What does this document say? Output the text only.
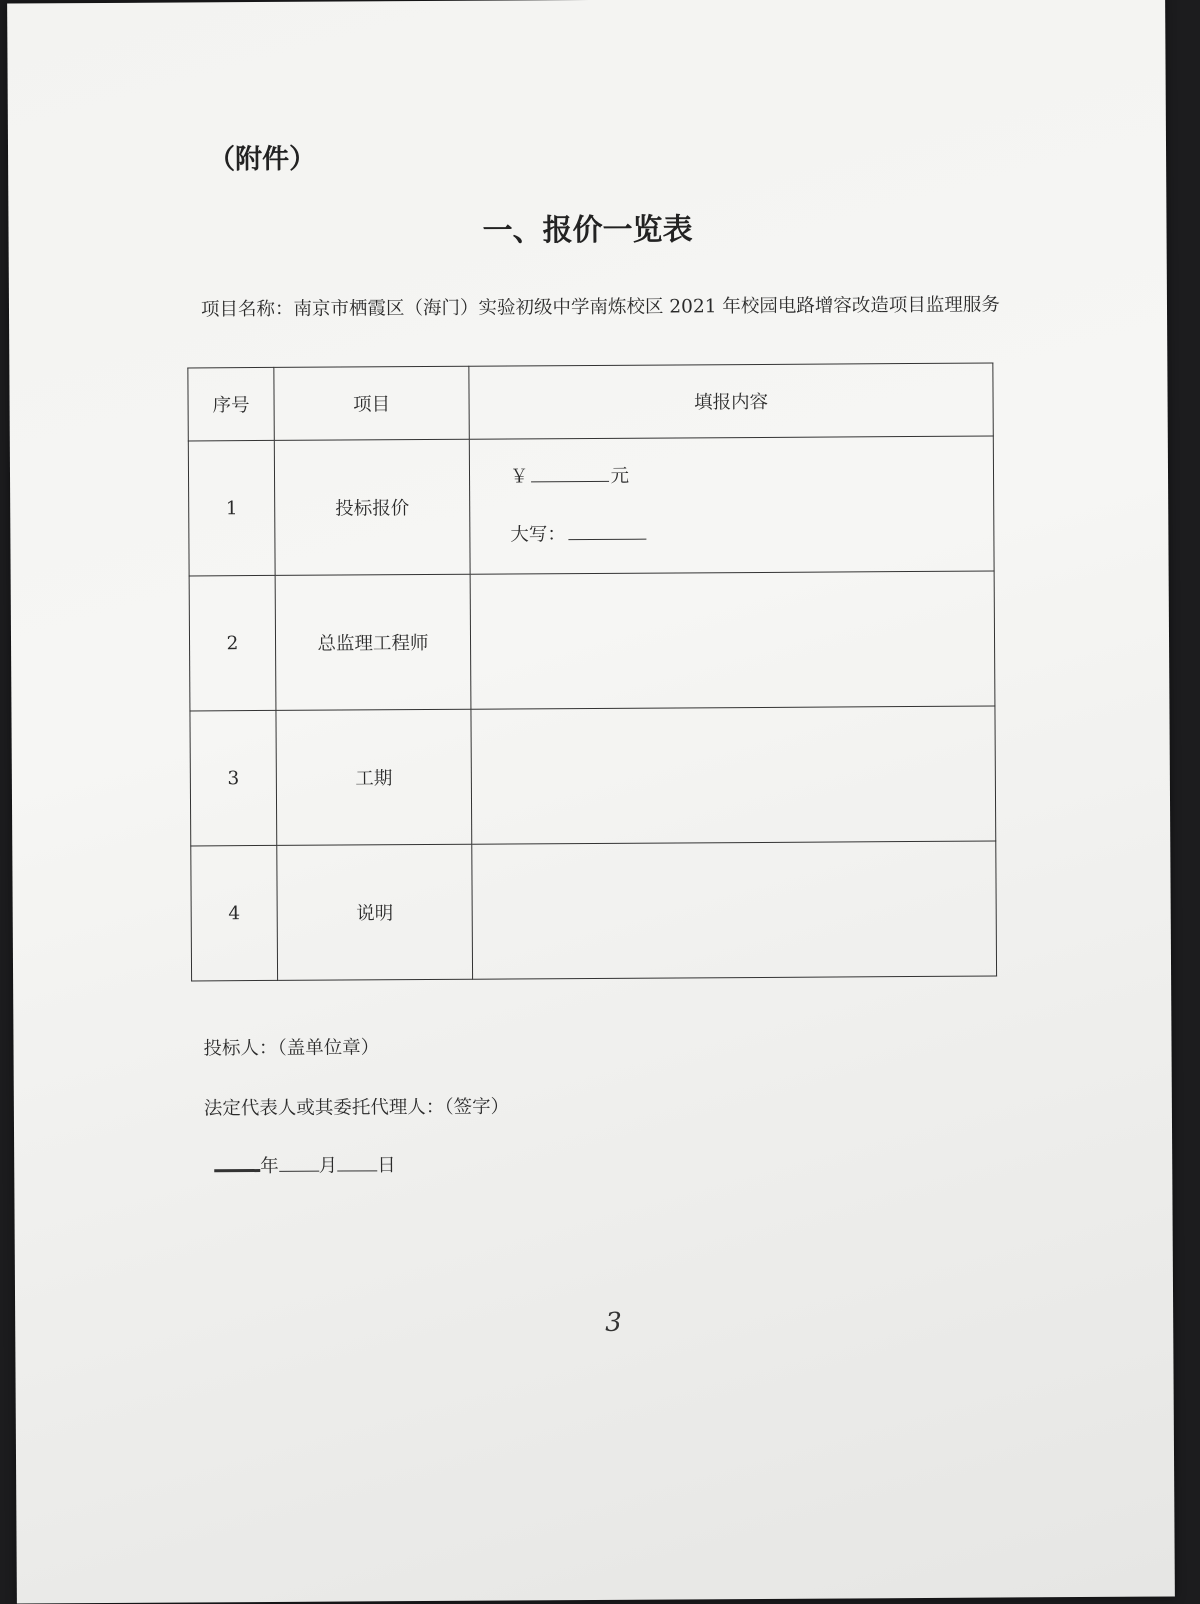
（附件）
一、报价一览表
项目名称：南京市栖霞区（海门）实验初级中学南炼校区 2021 年校园电路增容改造项目监理服务
序号	项目	填报内容
1	投标报价	￥ 元
大写：

2	总监理工程师	
3	工期	
4	说明	
投标人：（盖单位章）
法定代表人或其委托代理人：（签字）
年 月 日
3
